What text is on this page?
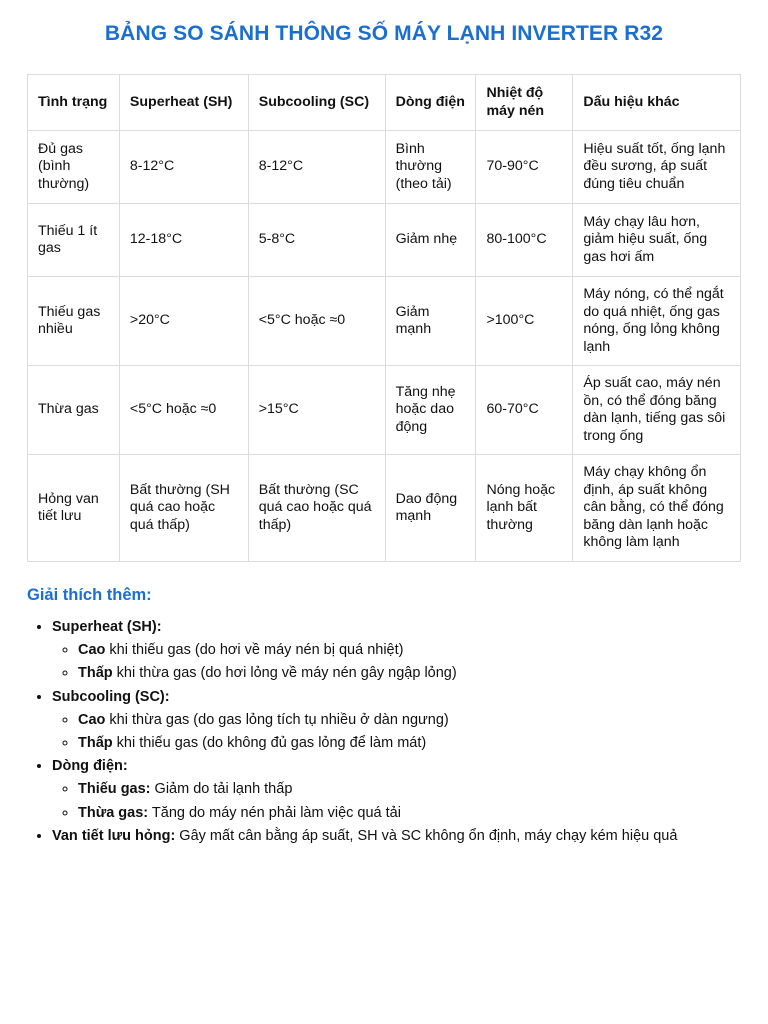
BẢNG SO SÁNH THÔNG SỐ MÁY LẠNH INVERTER R32
Tình trạng	Superheat (SH)	Subcooling (SC)	Dòng điện	Nhiệt độ máy nén	Dấu hiệu khác
Đủ gas (bình thường)	8-12°C	8-12°C	Bình thường (theo tải)	70-90°C	Hiệu suất tốt, ống lạnh đều sương, áp suất đúng tiêu chuẩn
Thiếu 1 ít gas	12-18°C	5-8°C	Giảm nhẹ	80-100°C	Máy chạy lâu hơn, giảm hiệu suất, ống gas hơi ấm
Thiếu gas nhiều	>20°C	<5°C hoặc ≈0	Giảm mạnh	>100°C	Máy nóng, có thể ngắt do quá nhiệt, ống gas nóng, ống lỏng không lạnh
Thừa gas	<5°C hoặc ≈0	>15°C	Tăng nhẹ hoặc dao động	60-70°C	Áp suất cao, máy nén ồn, có thể đóng băng dàn lạnh, tiếng gas sôi trong ống
Hỏng van tiết lưu	Bất thường (SH quá cao hoặc quá thấp)	Bất thường (SC quá cao hoặc quá thấp)	Dao động mạnh	Nóng hoặc lạnh bất thường	Máy chạy không ổn định, áp suất không cân bằng, có thể đóng băng dàn lạnh hoặc không làm lạnh
Giải thích thêm:
• Superheat (SH):
◦ Cao khi thiếu gas (do hơi về máy nén bị quá nhiệt)
◦ Thấp khi thừa gas (do hơi lỏng về máy nén gây ngập lỏng)
• Subcooling (SC):
◦ Cao khi thừa gas (do gas lỏng tích tụ nhiều ở dàn ngưng)
◦ Thấp khi thiếu gas (do không đủ gas lỏng để làm mát)
• Dòng điện:
◦ Thiếu gas: Giảm do tải lạnh thấp
◦ Thừa gas: Tăng do máy nén phải làm việc quá tải
• Van tiết lưu hỏng: Gây mất cân bằng áp suất, SH và SC không ổn định, máy chạy kém hiệu quả
